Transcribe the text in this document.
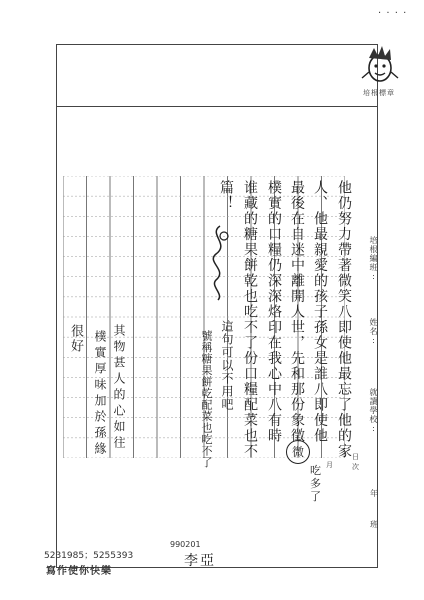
· · · ·
培根標章
培根編班:
姓名:
就讀學校:
年
班
他仍努力帶著微笑八即使他最忘了他的家
人、他最親愛的孩子孫女是誰八即使他
最後在自迷中離開人世，先和那份象徵
樸實的口糧仍深深烙印在我心中八有時
谁藏的糖果餅乾也吃不了份口糧配菜也不
篇！
這句可以不用吧
號稱糖果餅乾配菜也吃不了
其物甚人的心如往
樸實厚味加於孫緣
很好
吃多了
微
5231985；5255393
寫作使你快樂
990201
李亞
月
日
次
